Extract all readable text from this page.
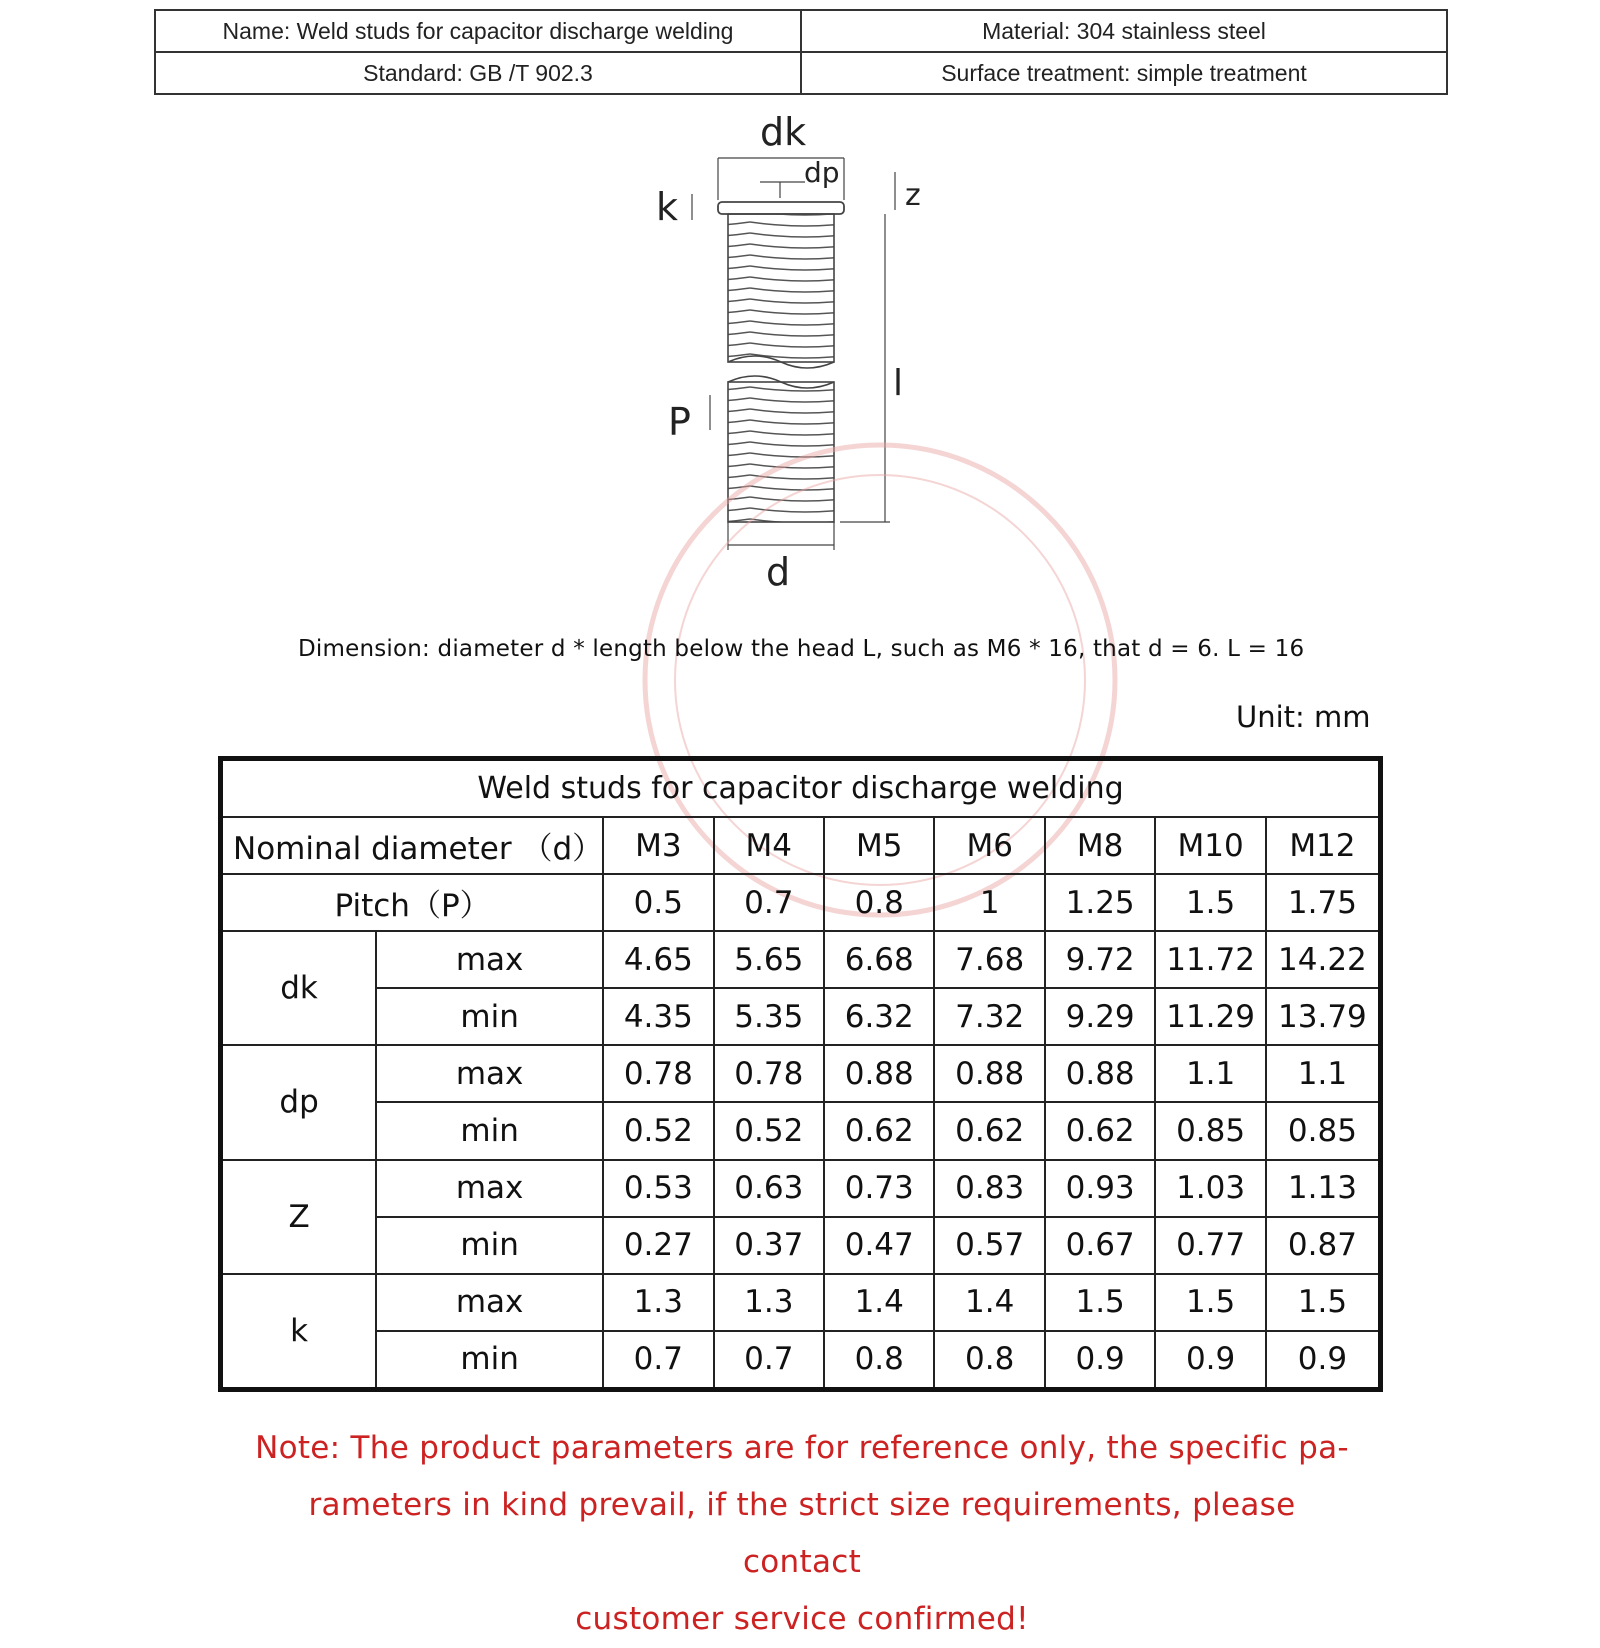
Name: Weld studs for capacitor discharge welding	Material: 304 stainless steel
Standard: GB /T 902.3	Surface treatment: simple treatment
dk
dp
z
k
l
P
d
Dimension: diameter d * length below the head L, such as M6 * 16, that d = 6. L = 16
Unit: mm
Weld studs for capacitor discharge welding								
Nominal diameter （d）		M3	M4	M5	M6	M8	M10	M12
Pitch（P）		0.5	0.7	0.8	1	1.25	1.5	1.75
dk	max	4.65	5.65	6.68	7.68	9.72	11.72	14.22
	min	4.35	5.35	6.32	7.32	9.29	11.29	13.79
dp	max	0.78	0.78	0.88	0.88	0.88	1.1	1.1
	min	0.52	0.52	0.62	0.62	0.62	0.85	0.85
Z	max	0.53	0.63	0.73	0.83	0.93	1.03	1.13
	min	0.27	0.37	0.47	0.57	0.67	0.77	0.87
k	max	1.3	1.3	1.4	1.4	1.5	1.5	1.5
	min	0.7	0.7	0.8	0.8	0.9	0.9	0.9
Note: The product parameters are for reference only, the specific pa-
rameters in kind prevail, if the strict size requirements, please contact
customer service confirmed!
